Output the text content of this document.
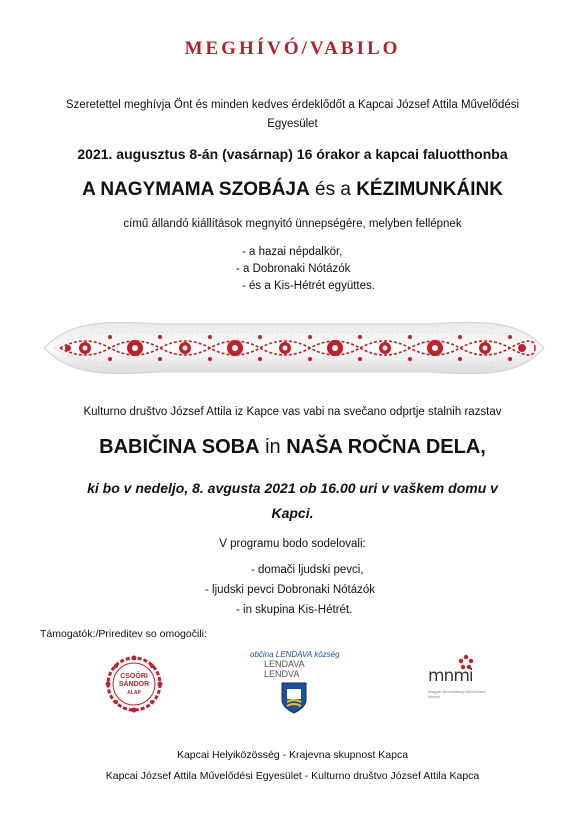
MEGHÍVÓ/VABILO
Szeretettel meghívja Önt és minden kedves érdeklődőt a Kapcai József Attila Művelődési
Egyesület
2021. augusztus 8-án (vasárnap) 16 órakor a kapcai faluotthonba
A NAGYMAMA SZOBÁJA és a KÉZIMUNKÁINK
című állandó kiállítások megnyitó ünnepségére, melyben fellépnek
- a hazai népdalkör,
- a Dobronaki Nótázók
- és a Kis-Hétrét együttes.
Kulturno društvo József Attila iz Kapce vas vabi na svečano odprtje stalnih razstav
BABIČINA SOBA in NAŠA ROČNA DELA,
ki bo v nedeljo, 8. avgusta 2021 ob 16.00 uri v vaškem domu v
Kapci.
V programu bodo sodelovali:
- domači ljudski pevci,
- ljudski pevci Dobronaki Nótázók
- in skupina Kis-Hétrét.
Támogatók:/Prireditev so omogočili:
CSOÓRI
SÁNDOR
ALAP
občina LENDAVA község
LENDAVA
LENDVA	mnmi
Magyar Nemzetiségi Művelődési Intézet
Kapcai Helyiközösség - Krajevna skupnost Kapca
Kapcai József Attila Művelődési Egyesület - Kulturno društvo József Attila Kapca
